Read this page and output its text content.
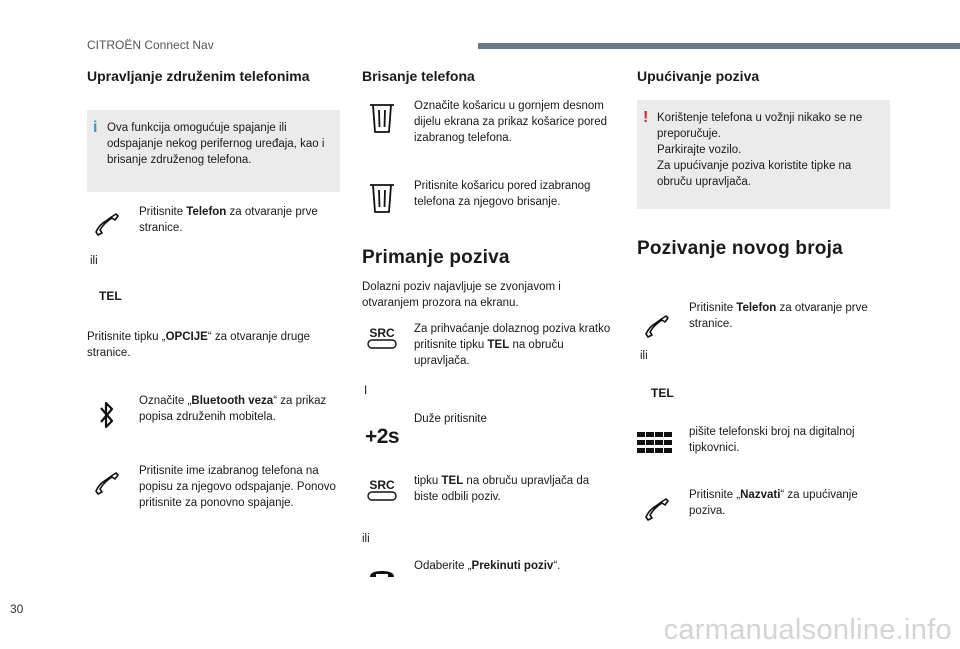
CITROËN Connect Nav
Upravljanje združenim telefonima
i Ova funkcija omogućuje spajanje ili odspajanje nekog perifernog uređaja, kao i brisanje združenog telefona.
Pritisnite Telefon za otvaranje prve stranice.
ili
TEL
Pritisnite tipku „OPCIJE“ za otvaranje druge stranice.
Označite „Bluetooth veza“ za prikaz popisa združenih mobitela.
Pritisnite ime izabranog telefona na popisu za njegovo odspajanje. Ponovo pritisnite za ponovno spajanje.
Brisanje telefona
Označite košaricu u gornjem desnom dijelu ekrana za prikaz košarice pored izabranog telefona.
Pritisnite košaricu pored izabranog telefona za njegovo brisanje.
Primanje poziva
Dolazni poziv najavljuje se zvonjavom i otvaranjem prozora na ekranu.
SRC Za prihvaćanje dolaznog poziva kratko pritisnite tipku TEL na obruču upravljača.
I
+2s
Duže pritisnite
SRC tipku TEL na obruču upravljača da biste odbili poziv.
ili
Odaberite „Prekinuti poziv“.
Upućivanje poziva
! Korištenje telefona u vožnji nikako se ne preporučuje.
Parkirajte vozilo.
Za upućivanje poziva koristite tipke na obruču upravljača.
Pozivanje novog broja
Pritisnite Telefon za otvaranje prve stranice.
ili
TEL
pišite telefonski broj na digitalnoj tipkovnici.
Pritisnite „Nazvati“ za upućivanje poziva.
30
carmanualsonline.info
